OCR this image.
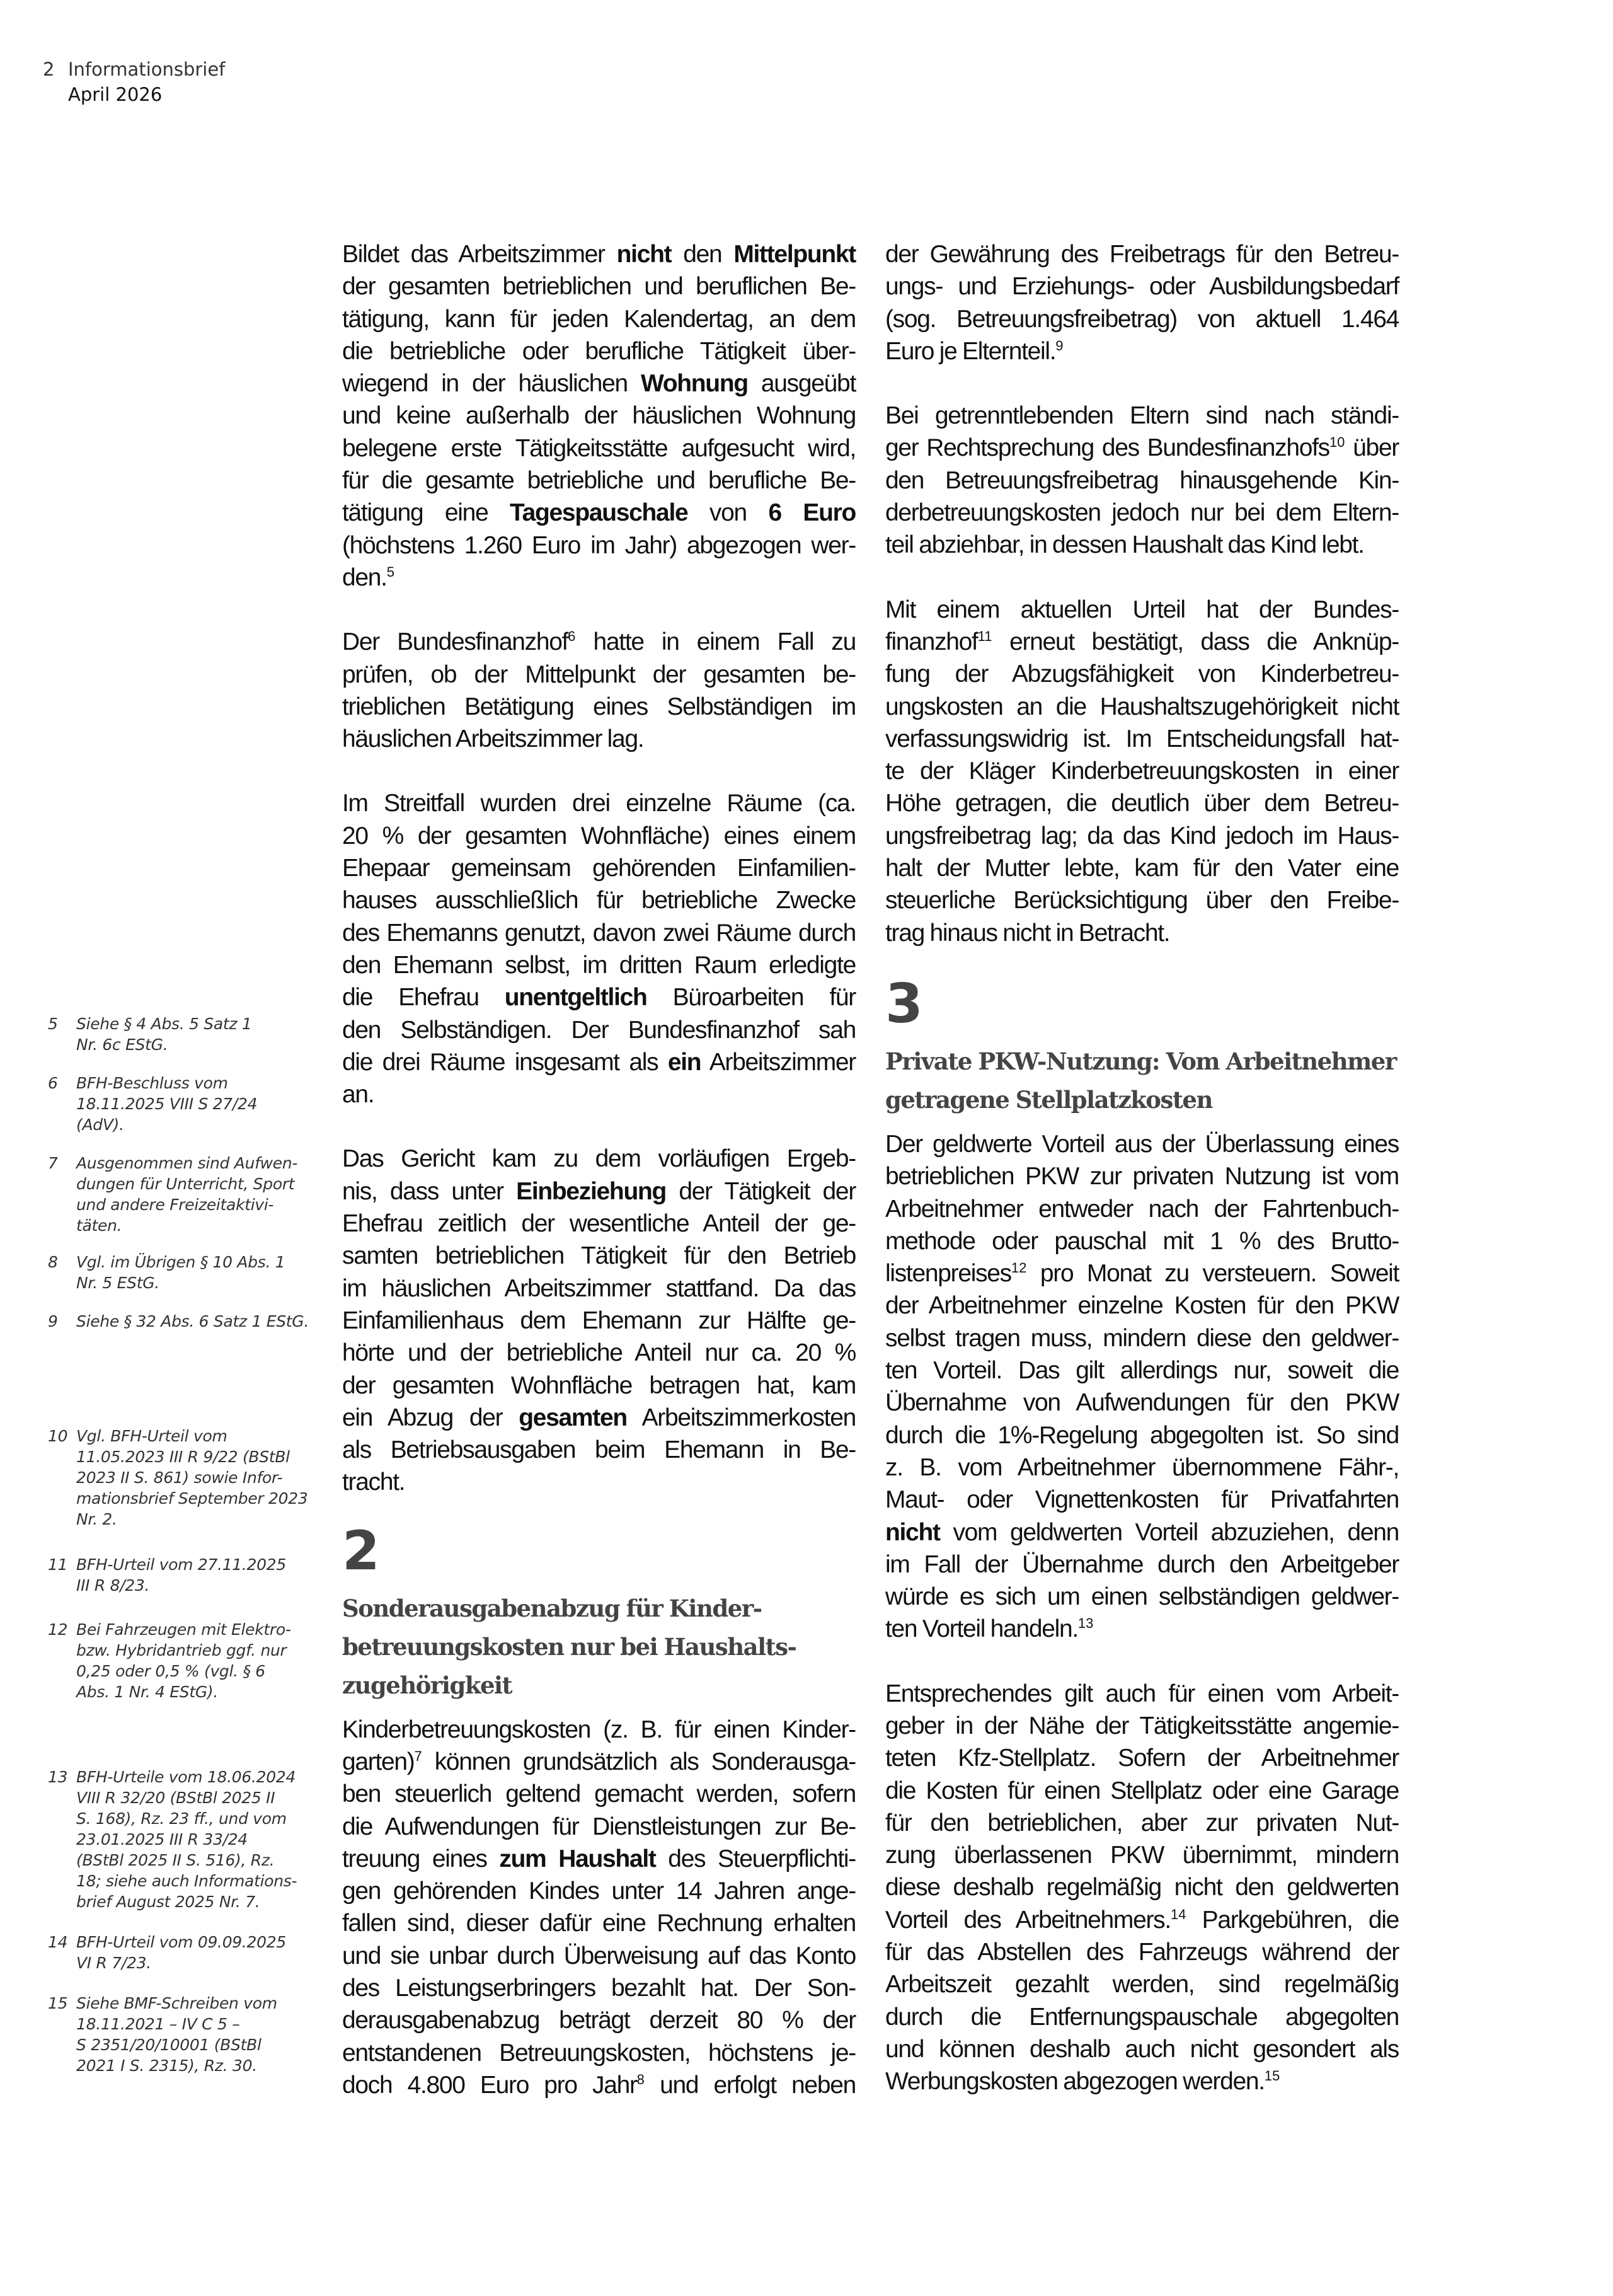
2 Informationsbrief
April 2026
5	Siehe § 4 Abs. 5 Satz 1
Nr. 6c EStG.
6	BFH-Beschluss vom
18.11.2025 VIII S 27/24
(AdV).
7	Ausgenommen sind Aufwen-
dungen für Unterricht, Sport
und andere Freizeitaktivi-
täten.
8	Vgl. im Übrigen § 10 Abs. 1
Nr. 5 EStG.
9	Siehe § 32 Abs. 6 Satz 1 EStG.
10 Vgl. BFH-Urteil vom
11.05.2023 III R 9/22 (BStBl
2023 II S. 861) sowie Infor-
mationsbrief September 2023
Nr. 2.
11 BFH-Urteil vom 27.11.2025
III R 8/23.
12 Bei Fahrzeugen mit Elektro-
bzw. Hybridantrieb ggf. nur
0,25 oder 0,5 % (vgl. § 6
Abs. 1 Nr. 4 EStG).
13 BFH-Urteile vom 18.06.2024
VIII R 32/20 (BStBl 2025 II
S. 168), Rz. 23 ff., und vom
23.01.2025 III R 33/24
(BStBl 2025 II S. 516), Rz.
18; siehe auch Informations-
brief August 2025 Nr. 7.
14 BFH-Urteil vom 09.09.2025
VI R 7/23.
15 Siehe BMF-Schreiben vom
18.11.2021 – IV C 5 –
S 2351/20/10001 (BStBl
2021 I S. 2315), Rz. 30.
Bildet das Arbeitszimmer nicht den Mittelpunkt
der gesamten betrieblichen und beruflichen Be-
tätigung, kann für jeden Kalendertag, an dem
die betriebliche oder berufliche Tätigkeit über-
wiegend in der häuslichen Wohnung ausgeübt
und keine außerhalb der häuslichen Wohnung
belegene erste Tätigkeitsstätte aufgesucht wird,
für die gesamte betriebliche und berufliche Be-
tätigung eine Tagespauschale von 6 Euro
(höchstens 1.260 Euro im Jahr) abgezogen wer-
den.$^5$
Der Bundesfinanzhof$^6$ hatte in einem Fall zu
prüfen, ob der Mittelpunkt der gesamten be-
trieblichen Betätigung eines Selbständigen im
häuslichen Arbeitszimmer lag.
Im Streitfall wurden drei einzelne Räume (ca.
20 % der gesamten Wohnfläche) eines einem
Ehepaar gemeinsam gehörenden Einfamilien-
hauses ausschließlich für betriebliche Zwecke
des Ehemanns genutzt, davon zwei Räume durch
den Ehemann selbst, im dritten Raum erledigte
die Ehefrau unentgeltlich Büroarbeiten für
den Selbständigen. Der Bundesfinanzhof sah
die drei Räume insgesamt als ein Arbeitszimmer
an.
Das Gericht kam zu dem vorläufigen Ergeb-
nis, dass unter Einbeziehung der Tätigkeit der
Ehefrau zeitlich der wesentliche Anteil der ge-
samten betrieblichen Tätigkeit für den Betrieb
im häuslichen Arbeitszimmer stattfand. Da das
Einfamilienhaus dem Ehemann zur Hälfte ge-
hörte und der betriebliche Anteil nur ca. 20 %
der gesamten Wohnfläche betragen hat, kam
ein Abzug der gesamten Arbeitszimmerkosten
als Betriebsausgaben beim Ehemann in Be-
tracht.
2
Sonderausgabenabzug für Kinder-
betreuungskosten nur bei Haushalts-
zugehörigkeit
Kinderbetreuungskosten (z. B. für einen Kinder-
garten)$^7$ können grundsätzlich als Sonderausga-
ben steuerlich geltend gemacht werden, sofern
die Aufwendungen für Dienstleistungen zur Be-
treuung eines zum Haushalt des Steuerpflichti-
gen gehörenden Kindes unter 14 Jahren ange-
fallen sind, dieser dafür eine Rechnung erhalten
und sie unbar durch Überweisung auf das Konto
des Leistungserbringers bezahlt hat. Der Son-
derausgabenabzug beträgt derzeit 80 % der
entstandenen Betreuungskosten, höchstens je-
doch 4.800 Euro pro Jahr$^8$ und erfolgt neben
der Gewährung des Freibetrags für den Betreu-
ungs- und Erziehungs- oder Ausbildungsbedarf
(sog. Betreuungsfreibetrag) von aktuell 1.464
Euro je Elternteil.$^9$
Bei getrenntlebenden Eltern sind nach ständi-
ger Rechtsprechung des Bundesfinanzhofs$^{10}$ über
den Betreuungsfreibetrag hinausgehende Kin-
derbetreuungskosten jedoch nur bei dem Eltern-
teil abziehbar, in dessen Haushalt das Kind lebt.
Mit einem aktuellen Urteil hat der Bundes-
finanzhof$^{11}$ erneut bestätigt, dass die Anknüp-
fung der Abzugsfähigkeit von Kinderbetreu-
ungskosten an die Haushaltszugehörigkeit nicht
verfassungswidrig ist. Im Entscheidungsfall hat-
te der Kläger Kinderbetreuungskosten in einer
Höhe getragen, die deutlich über dem Betreu-
ungsfreibetrag lag; da das Kind jedoch im Haus-
halt der Mutter lebte, kam für den Vater eine
steuerliche Berücksichtigung über den Freibe-
trag hinaus nicht in Betracht.
3
Private PKW-Nutzung: Vom Arbeitnehmer
getragene Stellplatzkosten
Der geldwerte Vorteil aus der Überlassung eines
betrieblichen PKW zur privaten Nutzung ist vom
Arbeitnehmer entweder nach der Fahrtenbuch-
methode oder pauschal mit 1 % des Brutto-
listenpreises$^{12}$ pro Monat zu versteuern. Soweit
der Arbeitnehmer einzelne Kosten für den PKW
selbst tragen muss, mindern diese den geldwer-
ten Vorteil. Das gilt allerdings nur, soweit die
Übernahme von Aufwendungen für den PKW
durch die 1%-Regelung abgegolten ist. So sind
z. B. vom Arbeitnehmer übernommene Fähr-,
Maut- oder Vignettenkosten für Privatfahrten
nicht vom geldwerten Vorteil abzuziehen, denn
im Fall der Übernahme durch den Arbeitgeber
würde es sich um einen selbständigen geldwer-
ten Vorteil handeln.$^{13}$
Entsprechendes gilt auch für einen vom Arbeit-
geber in der Nähe der Tätigkeitsstätte angemie-
teten Kfz-Stellplatz. Sofern der Arbeitnehmer
die Kosten für einen Stellplatz oder eine Garage
für den betrieblichen, aber zur privaten Nut-
zung überlassenen PKW übernimmt, mindern
diese deshalb regelmäßig nicht den geldwerten
Vorteil des Arbeitnehmers.$^{14}$ Parkgebühren, die
für das Abstellen des Fahrzeugs während der
Arbeitszeit gezahlt werden, sind regelmäßig
durch die Entfernungspauschale abgegolten
und können deshalb auch nicht gesondert als
Werbungskosten abgezogen werden.$^{15}$
